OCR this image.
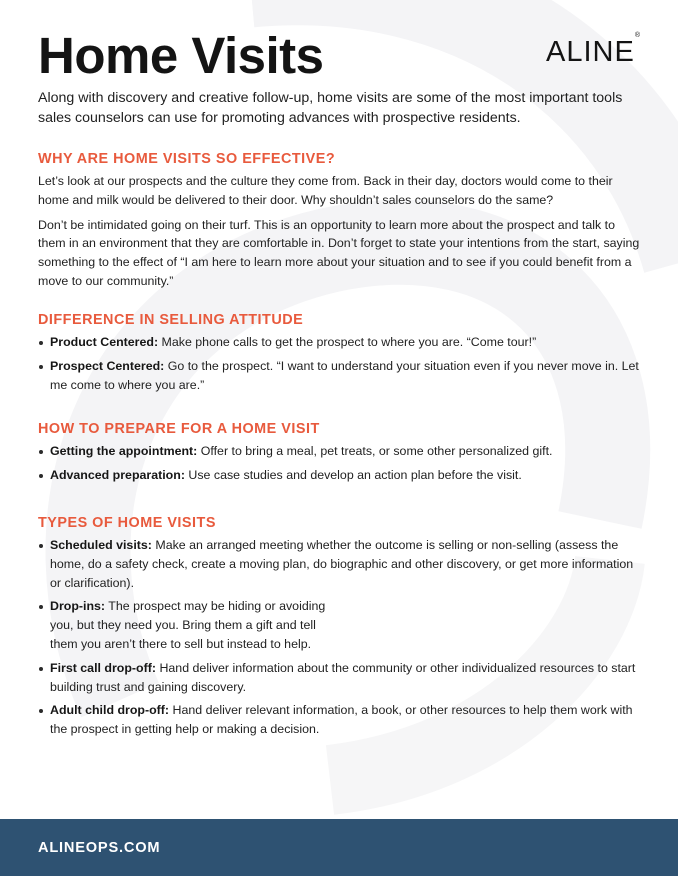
Home Visits	ALINE®

Along with discovery and creative follow-up, home visits are some of the most important tools sales counselors can use for promoting advances with prospective residents.

WHY ARE HOME VISITS SO EFFECTIVE?

Let’s look at our prospects and the culture they come from. Back in their day, doctors would come to their home and milk would be delivered to their door. Why shouldn’t sales counselors do the same?

Don’t be intimidated going on their turf. This is an opportunity to learn more about the prospect and talk to them in an environment that they are comfortable in. Don’t forget to state your intentions from the start, saying something to the effect of “I am here to learn more about your situation and to see if you could benefit from a move to our community.”

DIFFERENCE IN SELLING ATTITUDE
Product Centered: Make phone calls to get the prospect to where you are. “Come tour!”
Prospect Centered: Go to the prospect. “I want to understand your situation even if you never move in. Let me come to where you are.”
HOW TO PREPARE FOR A HOME VISIT
Getting the appointment: Offer to bring a meal, pet treats, or some other personalized gift.
Advanced preparation: Use case studies and develop an action plan before the visit.
TYPES OF HOME VISITS
Scheduled visits: Make an arranged meeting whether the outcome is selling or non-selling (assess the home, do a safety check, create a moving plan, do biographic and other discovery, or get more information or clarification).
Drop-ins: The prospect may be hiding or avoiding you, but they need you. Bring them a gift and tell them you aren’t there to sell but instead to help.
First call drop-off: Hand deliver information about the community or other individualized resources to start building trust and gaining discovery.
Adult child drop-off: Hand deliver relevant information, a book, or other resources to help them work with the prospect in getting help or making a decision.
ALINEOPS.COM
